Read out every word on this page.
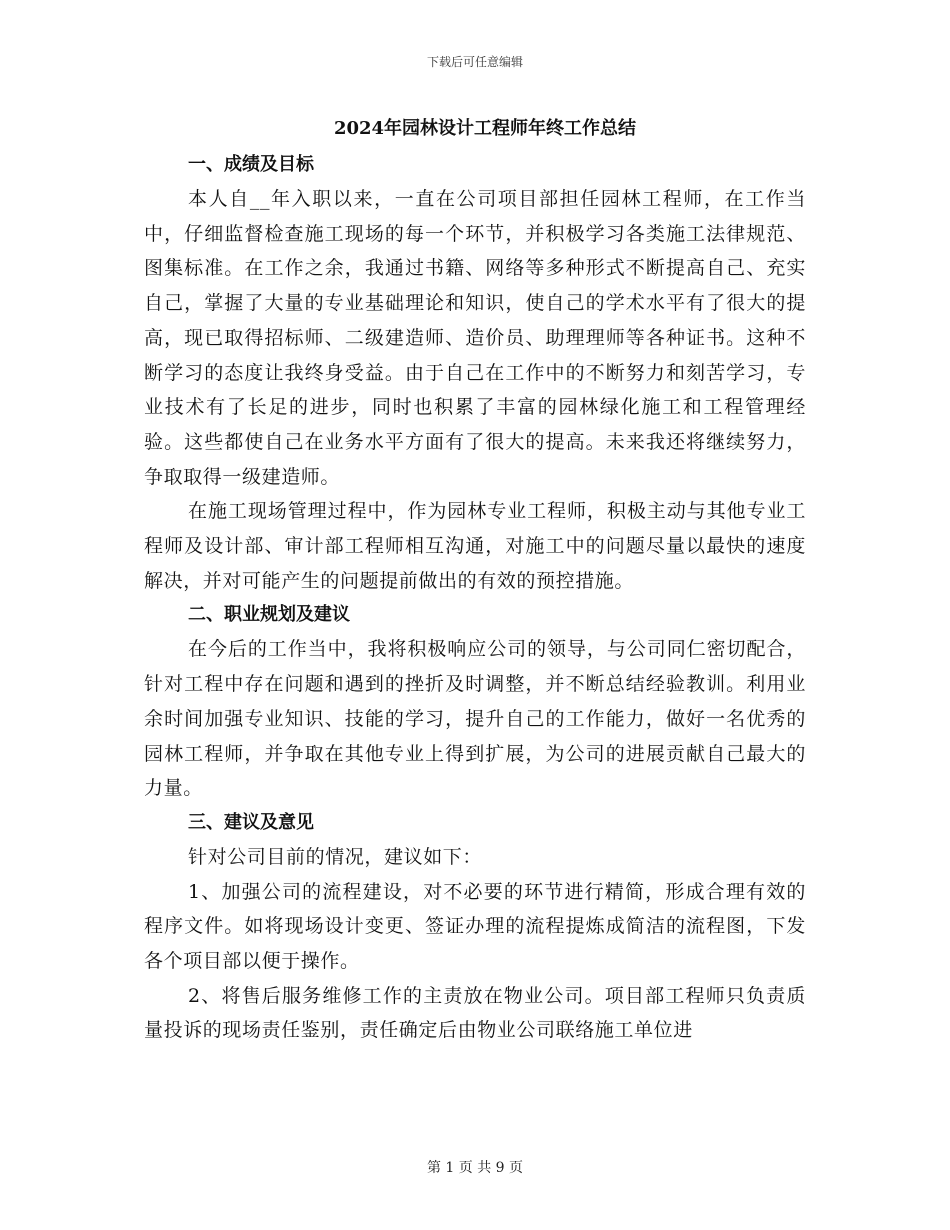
下载后可任意编辑
2024年园林设计工程师年终工作总结
一、成绩及目标

本人自__年入职以来，一直在公司项目部担任园林工程师，在工作当中，仔细监督检查施工现场的每一个环节，并积极学习各类施工法律规范、图集标准。在工作之余，我通过书籍、网络等多种形式不断提高自己、充实自己，掌握了大量的专业基础理论和知识，使自己的学术水平有了很大的提高，现已取得招标师、二级建造师、造价员、助理理师等各种证书。这种不断学习的态度让我终身受益。由于自己在工作中的不断努力和刻苦学习，专业技术有了长足的进步，同时也积累了丰富的园林绿化施工和工程管理经验。这些都使自己在业务水平方面有了很大的提高。未来我还将继续努力，争取取得一级建造师。

在施工现场管理过程中，作为园林专业工程师，积极主动与其他专业工程师及设计部、审计部工程师相互沟通，对施工中的问题尽量以最快的速度解决，并对可能产生的问题提前做出的有效的预控措施。

二、职业规划及建议

在今后的工作当中，我将积极响应公司的领导，与公司同仁密切配合，针对工程中存在问题和遇到的挫折及时调整，并不断总结经验教训。利用业余时间加强专业知识、技能的学习，提升自己的工作能力，做好一名优秀的园林工程师，并争取在其他专业上得到扩展，为公司的进展贡献自己最大的力量。

三、建议及意见

针对公司目前的情况，建议如下：

1、加强公司的流程建设，对不必要的环节进行精简，形成合理有效的程序文件。如将现场设计变更、签证办理的流程提炼成简洁的流程图，下发各个项目部以便于操作。

2、将售后服务维修工作的主责放在物业公司。项目部工程师只负责质量投诉的现场责任鉴别，责任确定后由物业公司联络施工单位进

第 1 页 共 9 页
